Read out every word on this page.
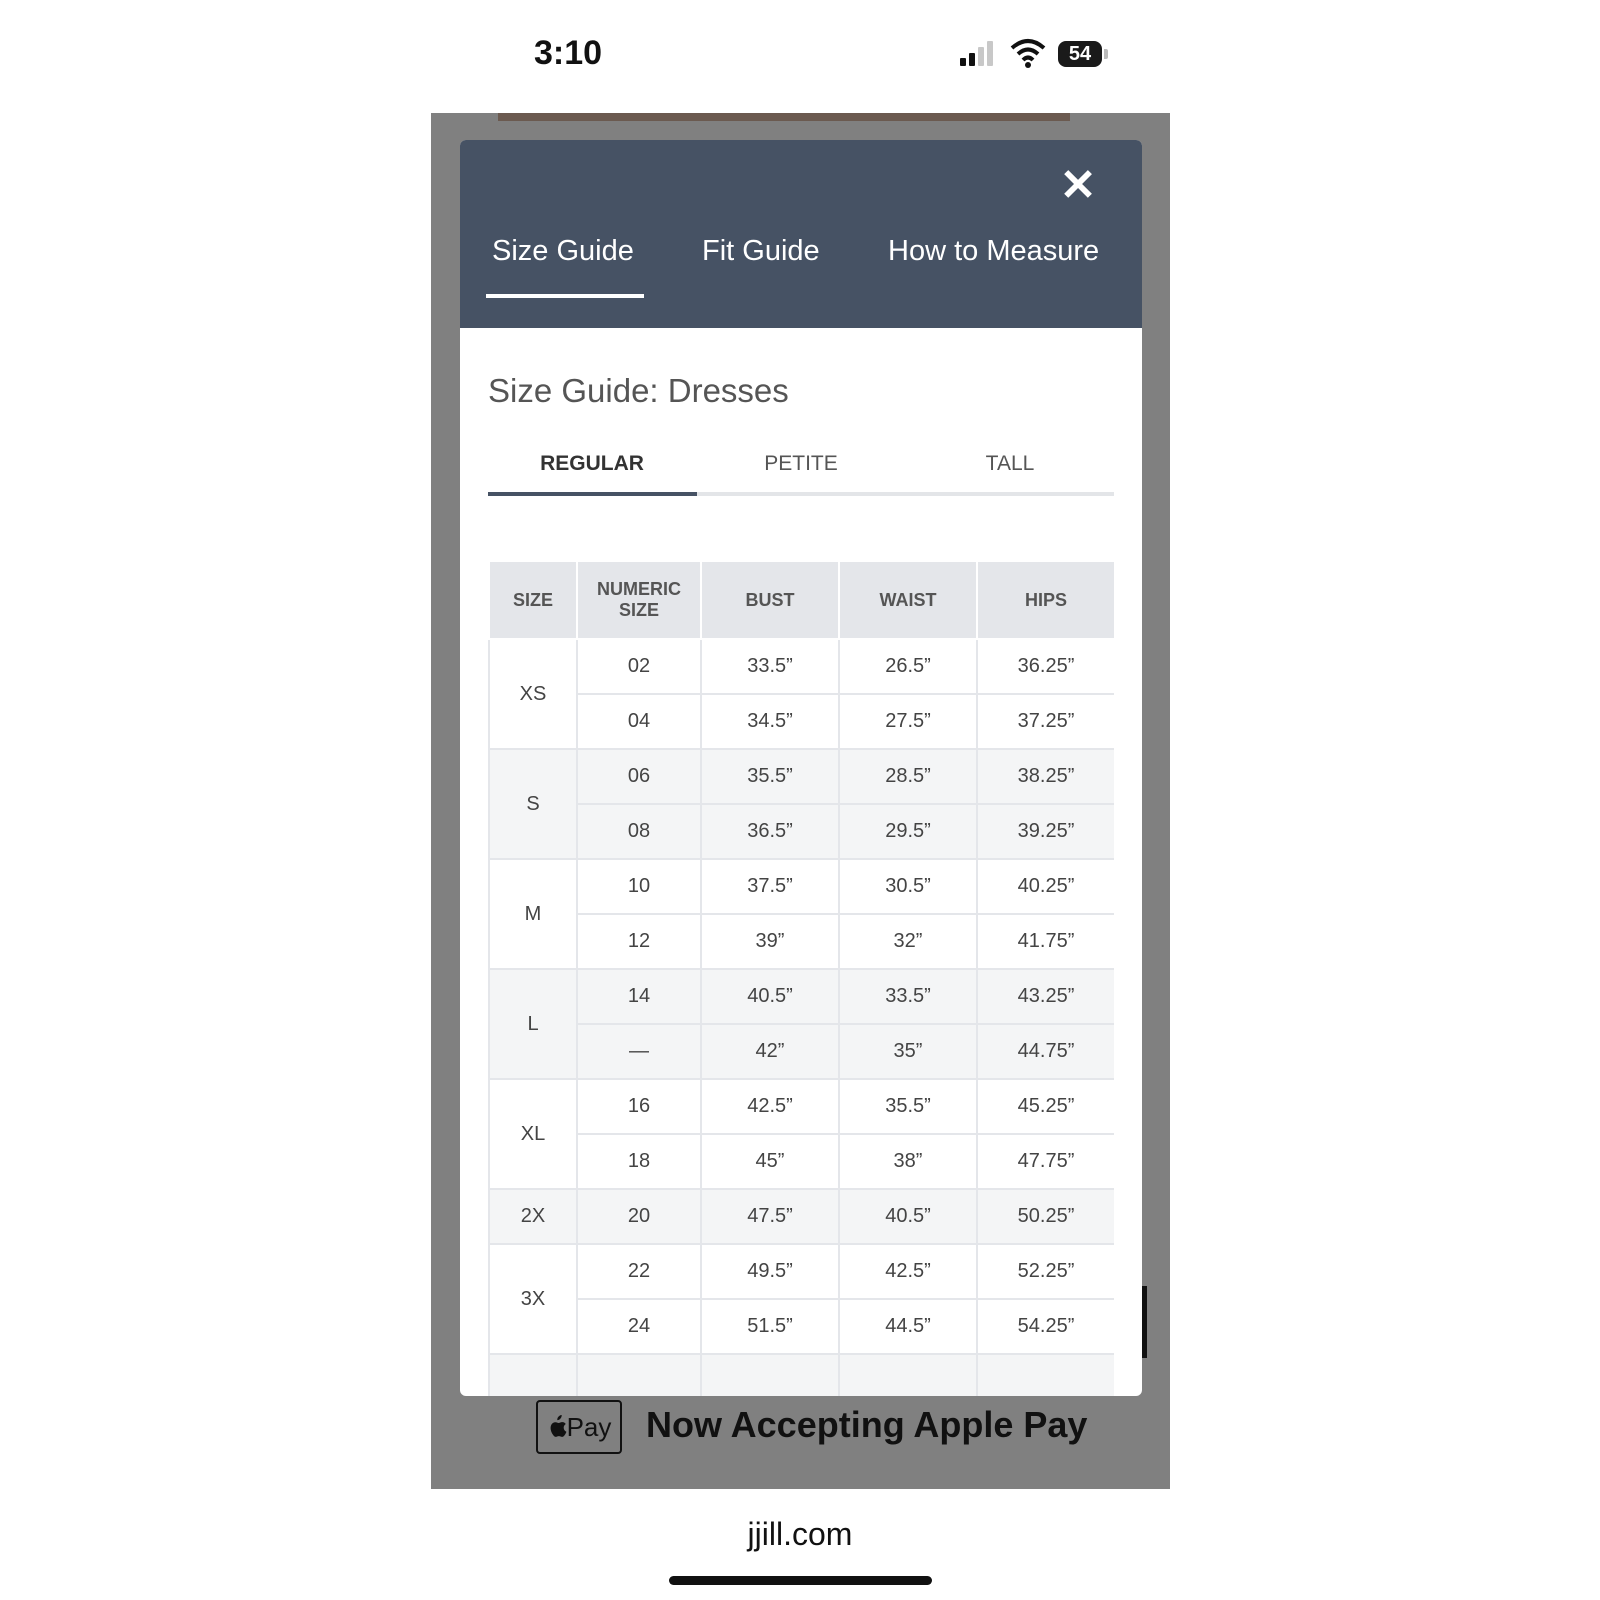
3:10	54
✕
Size Guide Fit Guide How to Measure
Size Guide: Dresses
REGULAR	PETITE	TALL
SIZE	NUMERIC SIZE	BUST	WAIST	HIPS
XS	02	33.5”	26.5”	36.25”
	04	34.5”	27.5”	37.25”
S	06	35.5”	28.5”	38.25”
	08	36.5”	29.5”	39.25”
M	10	37.5”	30.5”	40.25”
	12	39”	32”	41.75”
L	14	40.5”	33.5”	43.25”
	—	42”	35”	44.75”
XL	16	42.5”	35.5”	45.25”
	18	45”	38”	47.75”
2X	20	47.5”	40.5”	50.25”
3X	22	49.5”	42.5”	52.25”
	24	51.5”	44.5”	54.25”

Pay Now Accepting Apple Pay
jjill.com
